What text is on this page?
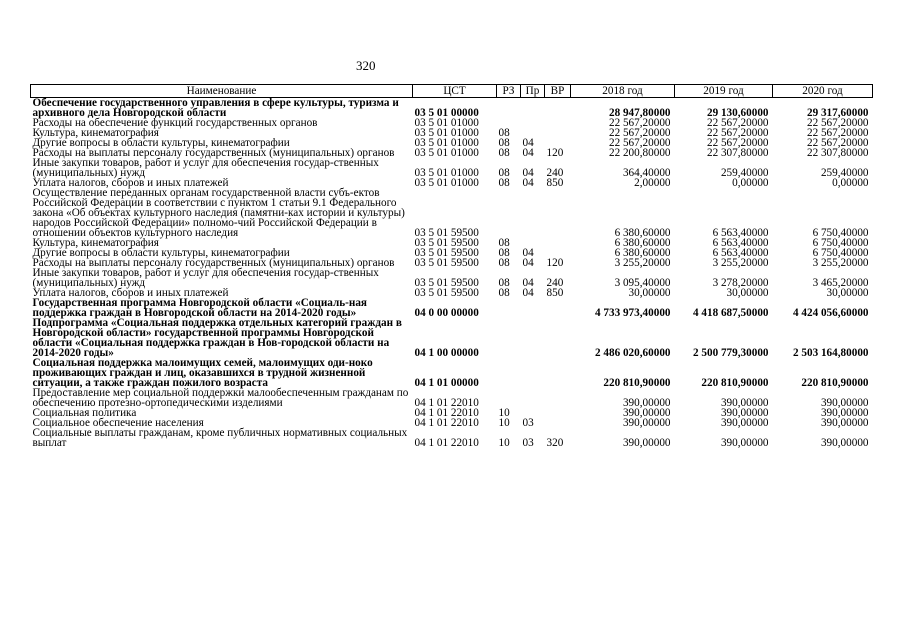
320
Наименование	ЦСТ	РЗ	Пр	ВР	2018 год	2019 год	2020 год
Обеспечение государственного управления в сфере культуры, туризма и архивного дела Новгородской области	03 5 01 00000				28 947,80000	29 130,60000	29 317,60000
Расходы на обеспечение функций государственных органов	03 5 01 01000				22 567,20000	22 567,20000	22 567,20000
Культура, кинематография	03 5 01 01000	08			22 567,20000	22 567,20000	22 567,20000
Другие вопросы в области культуры, кинематографии	03 5 01 01000	08	04		22 567,20000	22 567,20000	22 567,20000
Расходы на выплаты персоналу государственных (муниципальных) органов	03 5 01 01000	08	04	120	22 200,80000	22 307,80000	22 307,80000
Иные закупки товаров, работ и услуг для обеспечения государ-ственных (муниципальных) нужд	03 5 01 01000	08	04	240	364,40000	259,40000	259,40000
Уплата налогов, сборов и иных платежей	03 5 01 01000	08	04	850	2,00000	0,00000	0,00000
Осуществление переданных органам государственной власти субъ-ектов Российской Федерации в соответствии с пунктом 1 статьи 9.1 Федерального закона «Об объектах культурного наследия (памятни-ках истории и культуры) народов Российской Федерации» полномо-чий Российской Федерации в отношении объектов культурного наследия	03 5 01 59500				6 380,60000	6 563,40000	6 750,40000
Культура, кинематография	03 5 01 59500	08			6 380,60000	6 563,40000	6 750,40000
Другие вопросы в области культуры, кинематографии	03 5 01 59500	08	04		6 380,60000	6 563,40000	6 750,40000
Расходы на выплаты персоналу государственных (муниципальных) органов	03 5 01 59500	08	04	120	3 255,20000	3 255,20000	3 255,20000
Иные закупки товаров, работ и услуг для обеспечения государ-ственных (муниципальных) нужд	03 5 01 59500	08	04	240	3 095,40000	3 278,20000	3 465,20000
Уплата налогов, сборов и иных платежей	03 5 01 59500	08	04	850	30,00000	30,00000	30,00000
Государственная программа Новгородской области «Социаль-ная поддержка граждан в Новгородской области на 2014-2020 годы»	04 0 00 00000				4 733 973,40000	4 418 687,50000	4 424 056,60000
Подпрограмма «Социальная поддержка отдельных категорий граждан в Новгородской области» государственной программы Новгородской области «Социальная поддержка граждан в Нов-городской области на 2014-2020 годы»	04 1 00 00000				2 486 020,60000	2 500 779,30000	2 503 164,80000
Социальная поддержка малоимущих семей, малоимущих оди-ноко проживающих граждан и лиц, оказавшихся в трудной жизненной ситуации, а также граждан пожилого возраста	04 1 01 00000				220 810,90000	220 810,90000	220 810,90000
Предоставление мер социальной поддержки малообеспеченным гражданам по обеспечению протезно-ортопедическими изделиями	04 1 01 22010				390,00000	390,00000	390,00000
Социальная политика	04 1 01 22010	10			390,00000	390,00000	390,00000
Социальное обеспечение населения	04 1 01 22010	10	03		390,00000	390,00000	390,00000
Социальные выплаты гражданам, кроме публичных нормативных социальных выплат	04 1 01 22010	10	03	320	390,00000	390,00000	390,00000
